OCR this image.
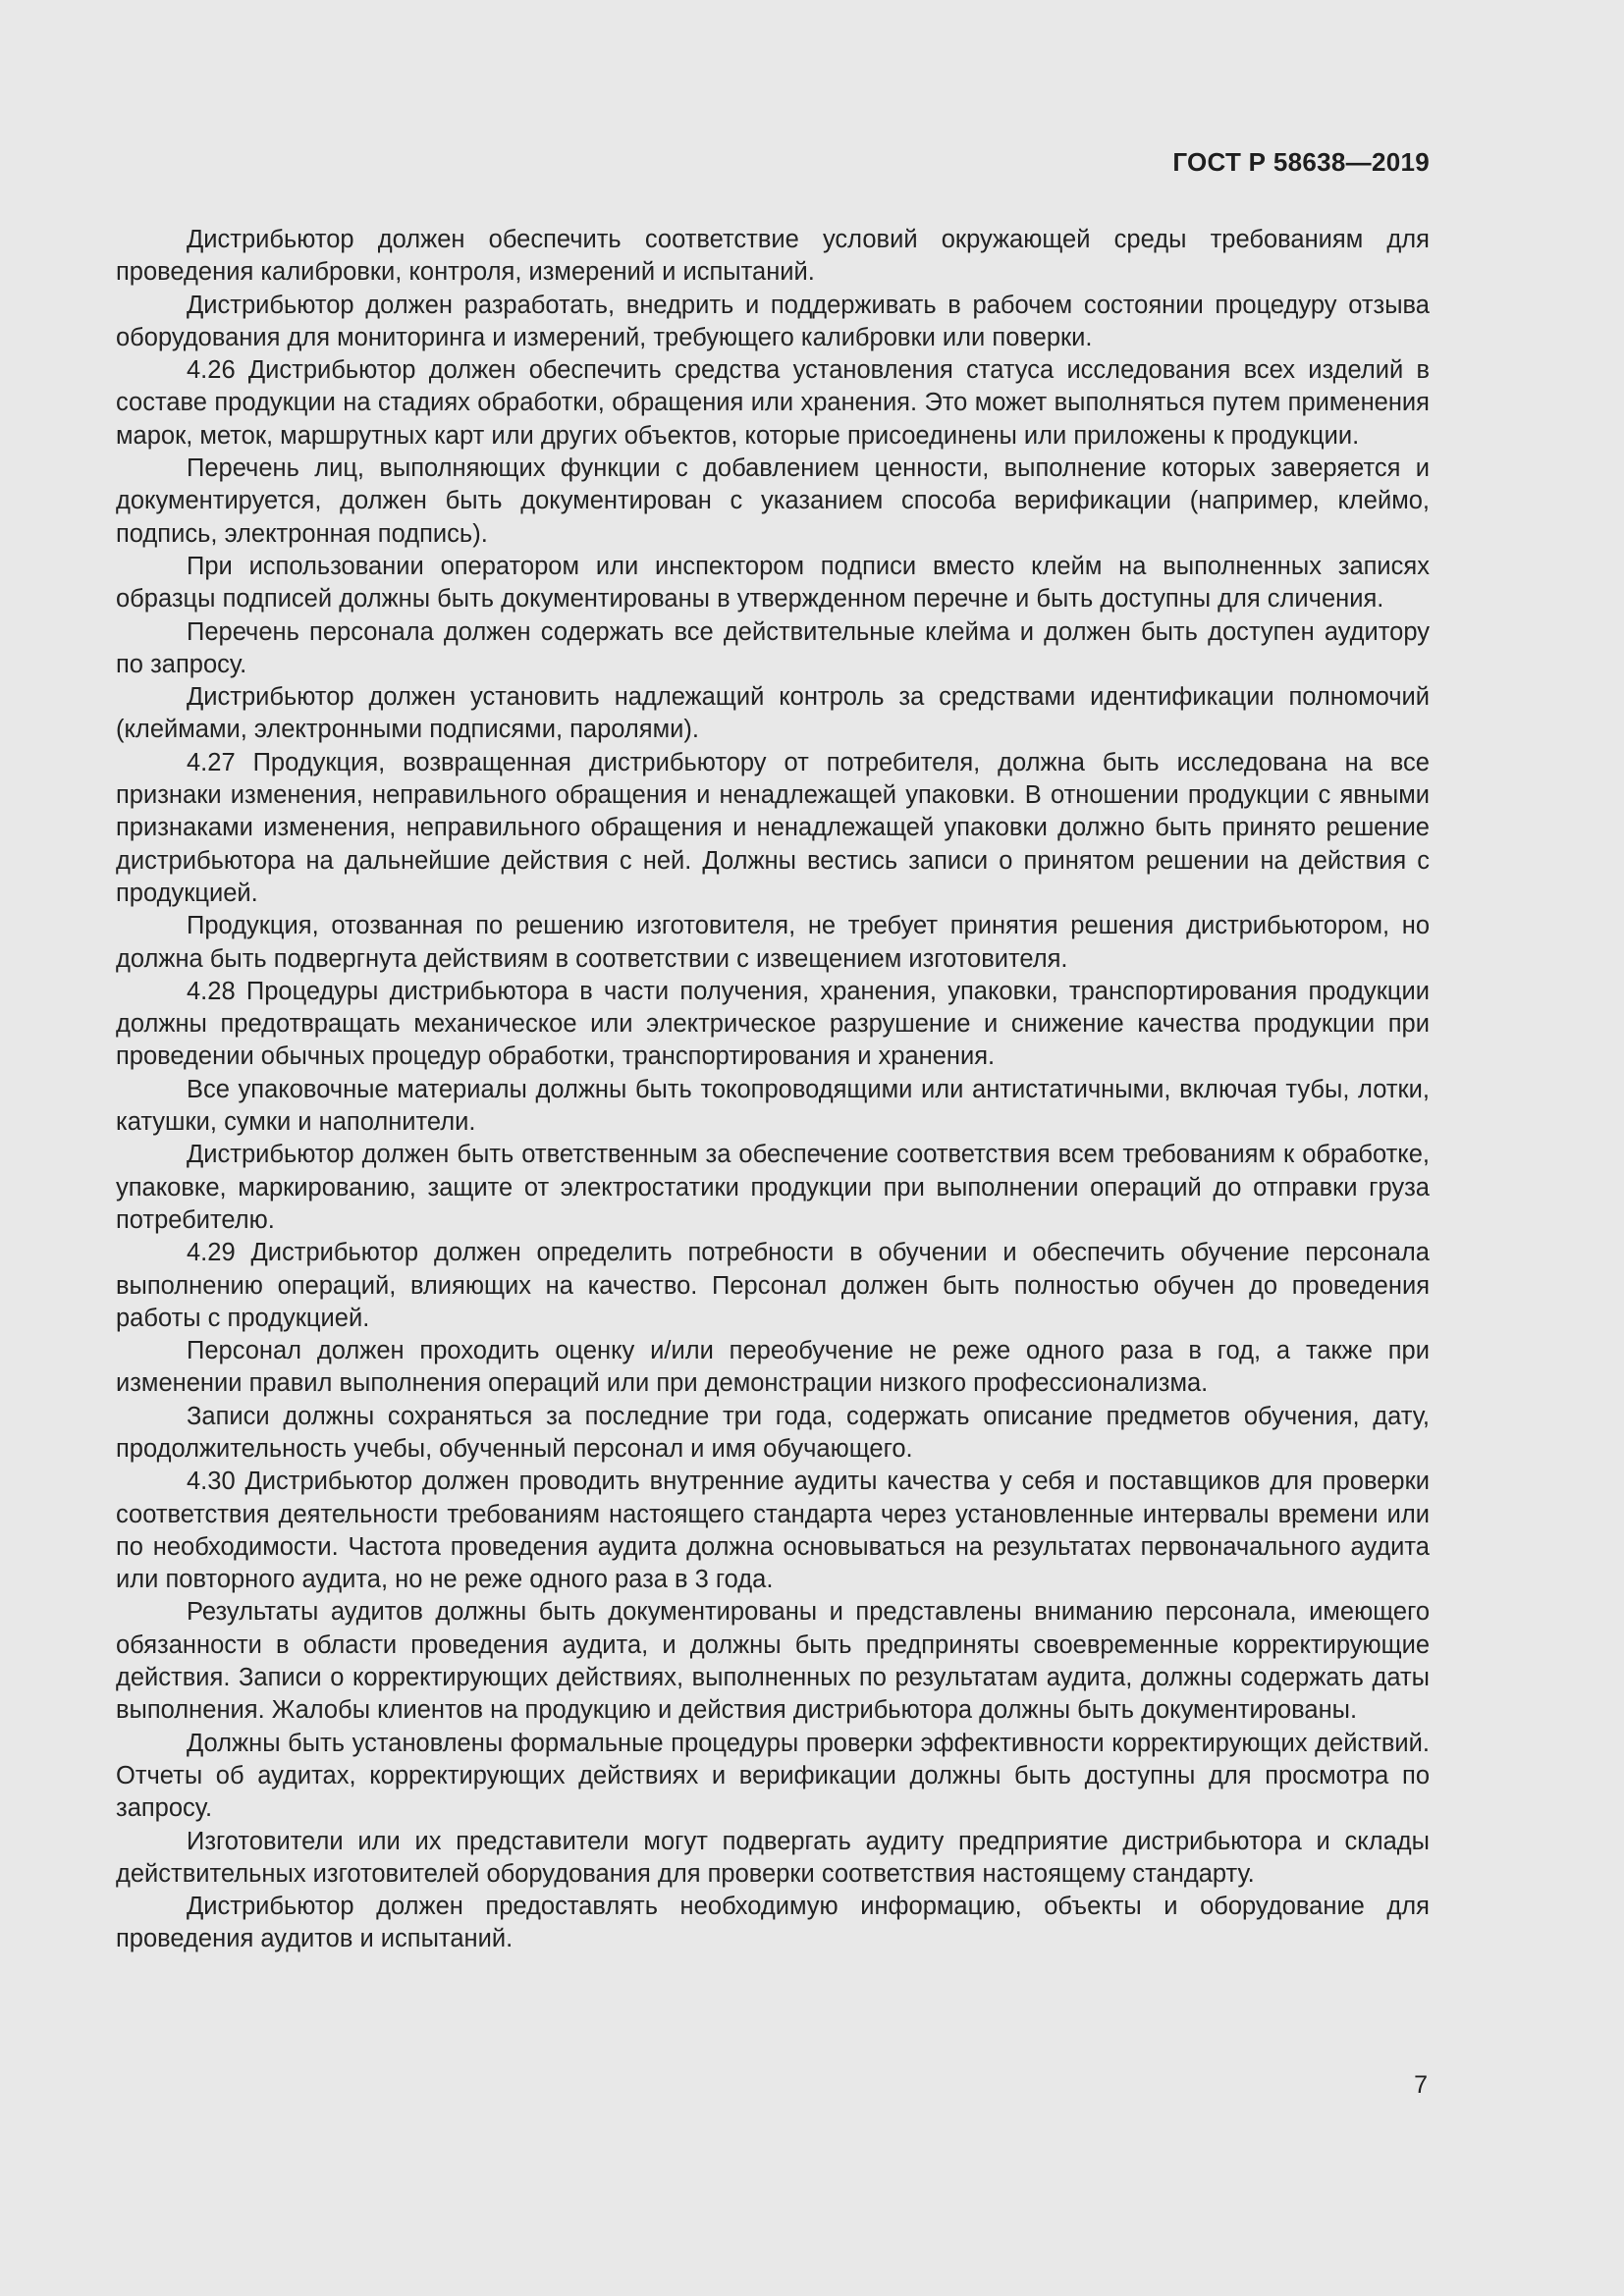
ГОСТ Р 58638—2019

Дистрибьютор должен обеспечить соответствие условий окружающей среды требованиям для проведения калибровки, контроля, измерений и испытаний.

Дистрибьютор должен разработать, внедрить и поддерживать в рабочем состоянии процедуру отзыва оборудования для мониторинга и измерений, требующего калибровки или поверки.

4.26 Дистрибьютор должен обеспечить средства установления статуса исследования всех изделий в составе продукции на стадиях обработки, обращения или хранения. Это может выполняться путем применения марок, меток, маршрутных карт или других объектов, которые присоединены или приложены к продукции.

Перечень лиц, выполняющих функции с добавлением ценности, выполнение которых заверяется и документируется, должен быть документирован с указанием способа верификации (например, клеймо, подпись, электронная подпись).

При использовании оператором или инспектором подписи вместо клейм на выполненных записях образцы подписей должны быть документированы в утвержденном перечне и быть доступны для сличения.

Перечень персонала должен содержать все действительные клейма и должен быть доступен аудитору по запросу.

Дистрибьютор должен установить надлежащий контроль за средствами идентификации полномочий (клеймами, электронными подписями, паролями).

4.27 Продукция, возвращенная дистрибьютору от потребителя, должна быть исследована на все признаки изменения, неправильного обращения и ненадлежащей упаковки. В отношении продукции с явными признаками изменения, неправильного обращения и ненадлежащей упаковки должно быть принято решение дистрибьютора на дальнейшие действия с ней. Должны вестись записи о принятом решении на действия с продукцией.

Продукция, отозванная по решению изготовителя, не требует принятия решения дистрибьютором, но должна быть подвергнута действиям в соответствии с извещением изготовителя.

4.28 Процедуры дистрибьютора в части получения, хранения, упаковки, транспортирования продукции должны предотвращать механическое или электрическое разрушение и снижение качества продукции при проведении обычных процедур обработки, транспортирования и хранения.

Все упаковочные материалы должны быть токопроводящими или антистатичными, включая тубы, лотки, катушки, сумки и наполнители.

Дистрибьютор должен быть ответственным за обеспечение соответствия всем требованиям к обработке, упаковке, маркированию, защите от электростатики продукции при выполнении операций до отправки груза потребителю.

4.29 Дистрибьютор должен определить потребности в обучении и обеспечить обучение персонала выполнению операций, влияющих на качество. Персонал должен быть полностью обучен до проведения работы с продукцией.

Персонал должен проходить оценку и/или переобучение не реже одного раза в год, а также при изменении правил выполнения операций или при демонстрации низкого профессионализма.

Записи должны сохраняться за последние три года, содержать описание предметов обучения, дату, продолжительность учебы, обученный персонал и имя обучающего.

4.30 Дистрибьютор должен проводить внутренние аудиты качества у себя и поставщиков для проверки соответствия деятельности требованиям настоящего стандарта через установленные интервалы времени или по необходимости. Частота проведения аудита должна основываться на результатах первоначального аудита или повторного аудита, но не реже одного раза в 3 года.

Результаты аудитов должны быть документированы и представлены вниманию персонала, имеющего обязанности в области проведения аудита, и должны быть предприняты своевременные корректирующие действия. Записи о корректирующих действиях, выполненных по результатам аудита, должны содержать даты выполнения. Жалобы клиентов на продукцию и действия дистрибьютора должны быть документированы.

Должны быть установлены формальные процедуры проверки эффективности корректирующих действий. Отчеты об аудитах, корректирующих действиях и верификации должны быть доступны для просмотра по запросу.

Изготовители или их представители могут подвергать аудиту предприятие дистрибьютора и склады действительных изготовителей оборудования для проверки соответствия настоящему стандарту.

Дистрибьютор должен предоставлять необходимую информацию, объекты и оборудование для проведения аудитов и испытаний.

7
